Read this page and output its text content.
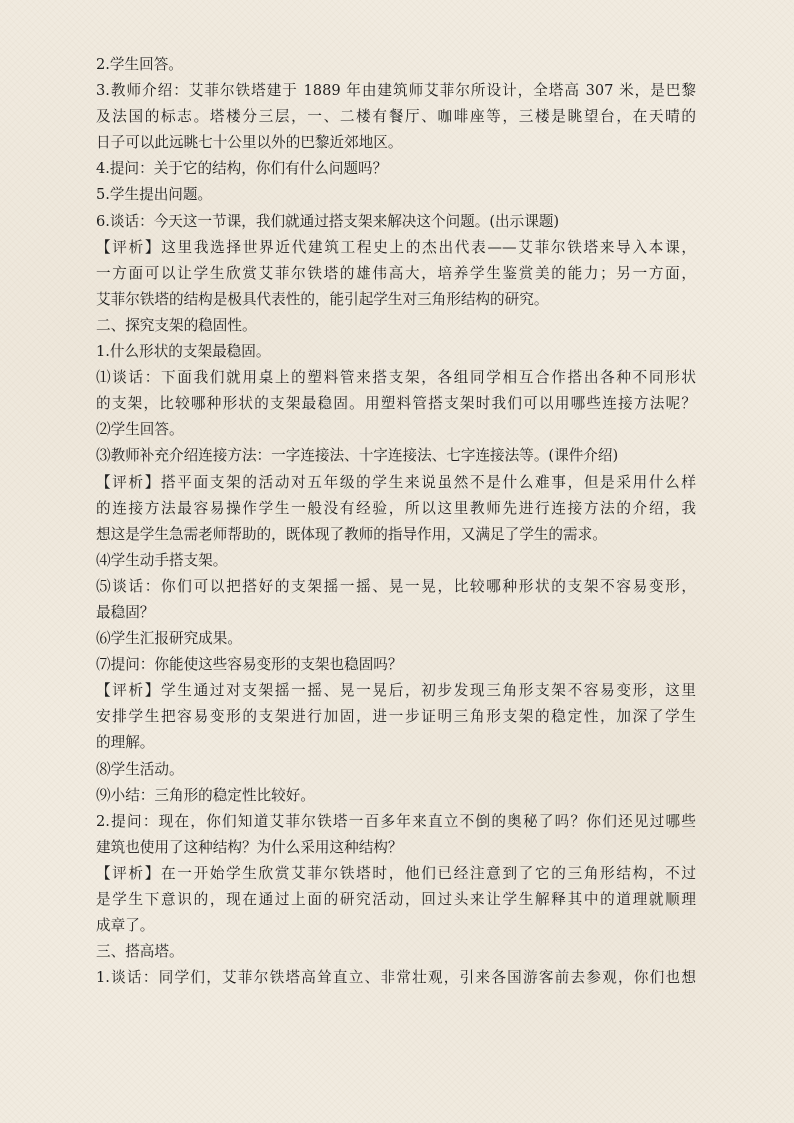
2.学生回答。

3.教师介绍：艾菲尔铁塔建于 1889 年由建筑师艾菲尔所设计，全塔高 307 米，是巴黎

及法国的标志。塔楼分三层，一、二楼有餐厅、咖啡座等，三楼是眺望台，在天晴的

日子可以此远眺七十公里以外的巴黎近郊地区。

4.提问：关于它的结构，你们有什么问题吗？

5.学生提出问题。

6.谈话：今天这一节课，我们就通过搭支架来解决这个问题。(出示课题)

【评析】这里我选择世界近代建筑工程史上的杰出代表——艾菲尔铁塔来导入本课，

一方面可以让学生欣赏艾菲尔铁塔的雄伟高大，培养学生鉴赏美的能力；另一方面，

艾菲尔铁塔的结构是极具代表性的，能引起学生对三角形结构的研究。

二、探究支架的稳固性。

1.什么形状的支架最稳固。

⑴谈话：下面我们就用桌上的塑料管来搭支架，各组同学相互合作搭出各种不同形状

的支架，比较哪种形状的支架最稳固。用塑料管搭支架时我们可以用哪些连接方法呢？

⑵学生回答。

⑶教师补充介绍连接方法：一字连接法、十字连接法、七字连接法等。(课件介绍)

【评析】搭平面支架的活动对五年级的学生来说虽然不是什么难事，但是采用什么样

的连接方法最容易操作学生一般没有经验，所以这里教师先进行连接方法的介绍，我

想这是学生急需老师帮助的，既体现了教师的指导作用，又满足了学生的需求。

⑷学生动手搭支架。

⑸谈话：你们可以把搭好的支架摇一摇、晃一晃，比较哪种形状的支架不容易变形，

最稳固？

⑹学生汇报研究成果。

⑺提问：你能使这些容易变形的支架也稳固吗？

【评析】学生通过对支架摇一摇、晃一晃后，初步发现三角形支架不容易变形，这里

安排学生把容易变形的支架进行加固，进一步证明三角形支架的稳定性，加深了学生

的理解。

⑻学生活动。

⑼小结：三角形的稳定性比较好。

2.提问：现在，你们知道艾菲尔铁塔一百多年来直立不倒的奥秘了吗？你们还见过哪些

建筑也使用了这种结构？为什么采用这种结构？

【评析】在一开始学生欣赏艾菲尔铁塔时，他们已经注意到了它的三角形结构，不过

是学生下意识的，现在通过上面的研究活动，回过头来让学生解释其中的道理就顺理

成章了。

三、搭高塔。

1.谈话：同学们，艾菲尔铁塔高耸直立、非常壮观，引来各国游客前去参观，你们也想
